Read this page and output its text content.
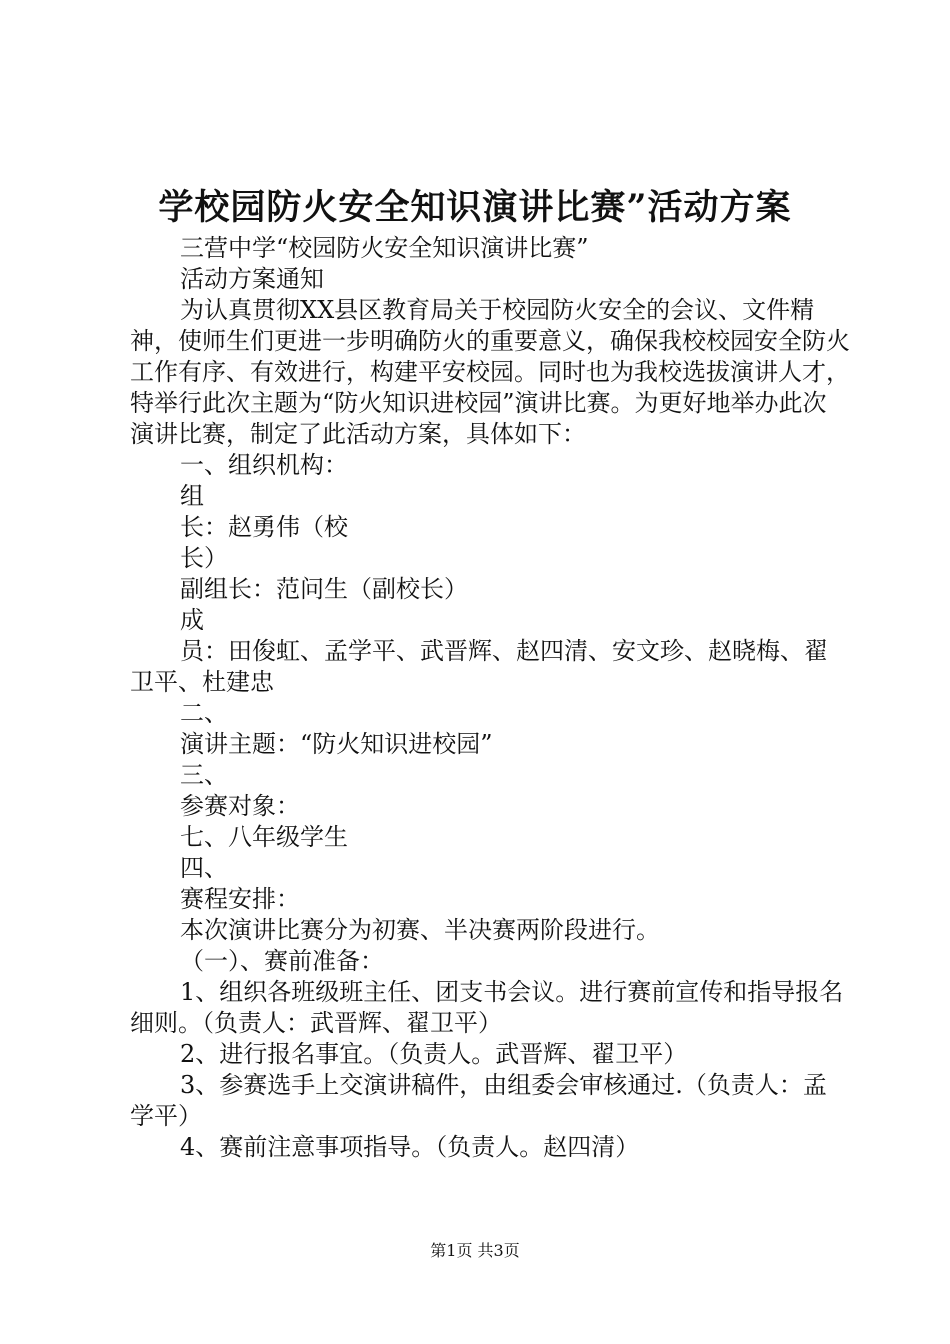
学校园防火安全知识演讲比赛”活动方案

三营中学“校园防火安全知识演讲比赛”

活动方案通知

为认真贯彻XX县区教育局关于校园防火安全的会议、文件精神，使师生们更进一步明确防火的重要意义，确保我校校园安全防火工作有序、有效进行，构建平安校园。同时也为我校选拔演讲人才，特举行此次主题为“防火知识进校园”演讲比赛。为更好地举办此次演讲比赛，制定了此活动方案，具体如下：

一、组织机构：

组

长：赵勇伟（校

长）

副组长：范问生（副校长）

成

员：田俊虹、孟学平、武晋辉、赵四清、安文珍、赵晓梅、翟卫平、杜建忠

二、

演讲主题：“防火知识进校园”

三、

参赛对象：

七、八年级学生

四、

赛程安排：

本次演讲比赛分为初赛、半决赛两阶段进行。

（一）、赛前准备：

1、组织各班级班主任、团支书会议。进行赛前宣传和指导报名细则。（负责人：武晋辉、翟卫平）

2、进行报名事宜。（负责人。武晋辉、翟卫平）

3、参赛选手上交演讲稿件，由组委会审核通过.（负责人：孟学平）

4、赛前注意事项指导。（负责人。赵四清）

第1页 共3页
